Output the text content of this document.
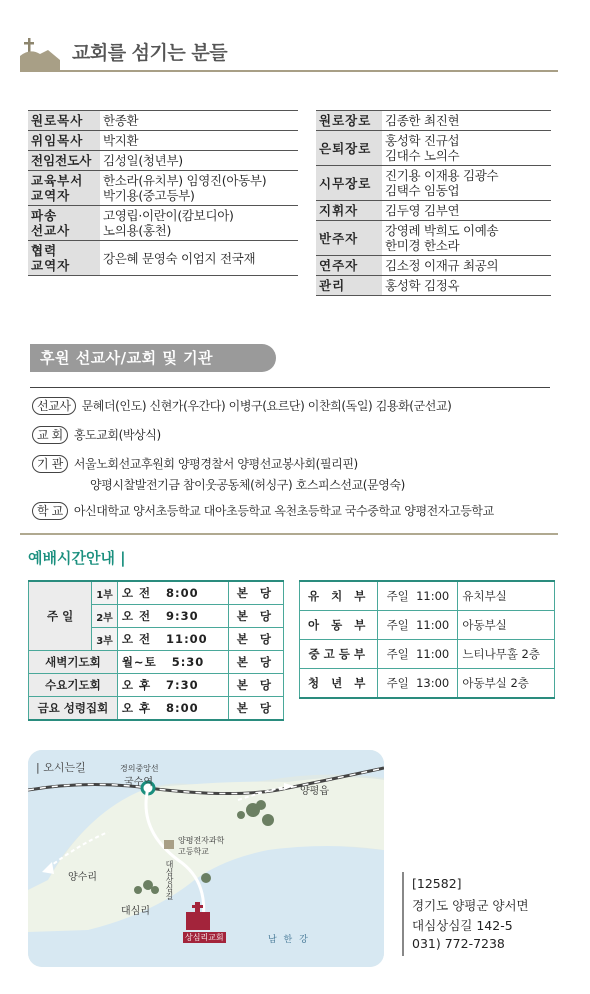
교회를 섬기는 분들
원로목사	한종환
위임목사	박지환
전임전도사	김성일(청년부)

교육부서
교역자	한소라(유치부) 임영진(아동부)
박기용(중고등부)

파송
선교사	고영립·이란이(캄보디아)
노의용(홍천)

협력
교역자	강은혜 문영숙 이엄지 전국재
원로장로	김종한 최진현
은퇴장로	홍성학 진규섭
김대수 노의수

시무장로	진기용 이재용 김광수
김택수 임동업

지휘자	김두영 김부연
반주자	강영례 박희도 이예송
한미경 한소라

연주자	김소정 이재규 최공의
관리	홍성학 김정옥
후원 선교사/교회 및 기관
선교사 문혜더(인도) 신현가(우간다) 이병구(요르단) 이찬희(독일) 김용화(군선교)
교 회 홍도교회(박상식)
기 관 서울노회선교후원회 양평경찰서 양평선교봉사회(필리핀)
양평시찰발전기금 참이웃공동체(허싱구) 호스피스선교(문영숙)
학 교 아신대학교 양서초등학교 대아초등학교 옥천초등학교 국수중학교 양평전자고등학교
예배시간안내 |
주 일	1부	오 전   8:00	본 당
	2부	오 전   9:30	본 당
	3부	오 전   11:00	본 당
새벽기도회		월~토   5:30	본 당
수요기도회		오 후   7:30	본 당
금요 성령집회		오 후   8:00	본 당
유 치 부	주일  11:00	유치부실
아 동 부	주일  11:00	아동부실
중고등부	주일  11:00	느티나무홀 2층
청 년 부	주일  13:00	아동부실 2층
| 오시는길	경의중앙선
국수역
양평읍
양평전자과학
고등학교
양수리	대심상심길
대심리
상심리교회	남 한 강
[12582]
경기도 양평군 양서면
대심상심길 142-5
031) 772-7238
